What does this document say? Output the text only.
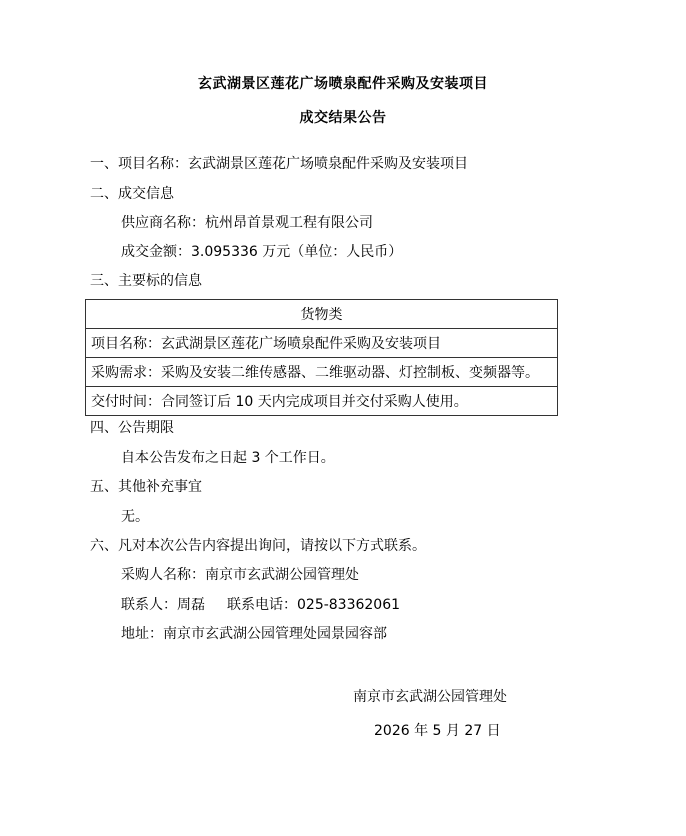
玄武湖景区莲花广场喷泉配件采购及安装项目
成交结果公告
一、项目名称：玄武湖景区莲花广场喷泉配件采购及安装项目
二、成交信息
供应商名称：杭州昂首景观工程有限公司
成交金额：3.095336 万元（单位：人民币）
三、主要标的信息
货物类
项目名称：玄武湖景区莲花广场喷泉配件采购及安装项目
采购需求：采购及安装二维传感器、二维驱动器、灯控制板、变频器等。
交付时间：合同签订后 10 天内完成项目并交付采购人使用。
四、公告期限
自本公告发布之日起 3 个工作日。
五、其他补充事宜
无。
六、凡对本次公告内容提出询问，请按以下方式联系。
采购人名称：南京市玄武湖公园管理处
联系人：周磊 联系电话：025-83362061
地址：南京市玄武湖公园管理处园景园容部
南京市玄武湖公园管理处
2026 年 5 月 27 日
